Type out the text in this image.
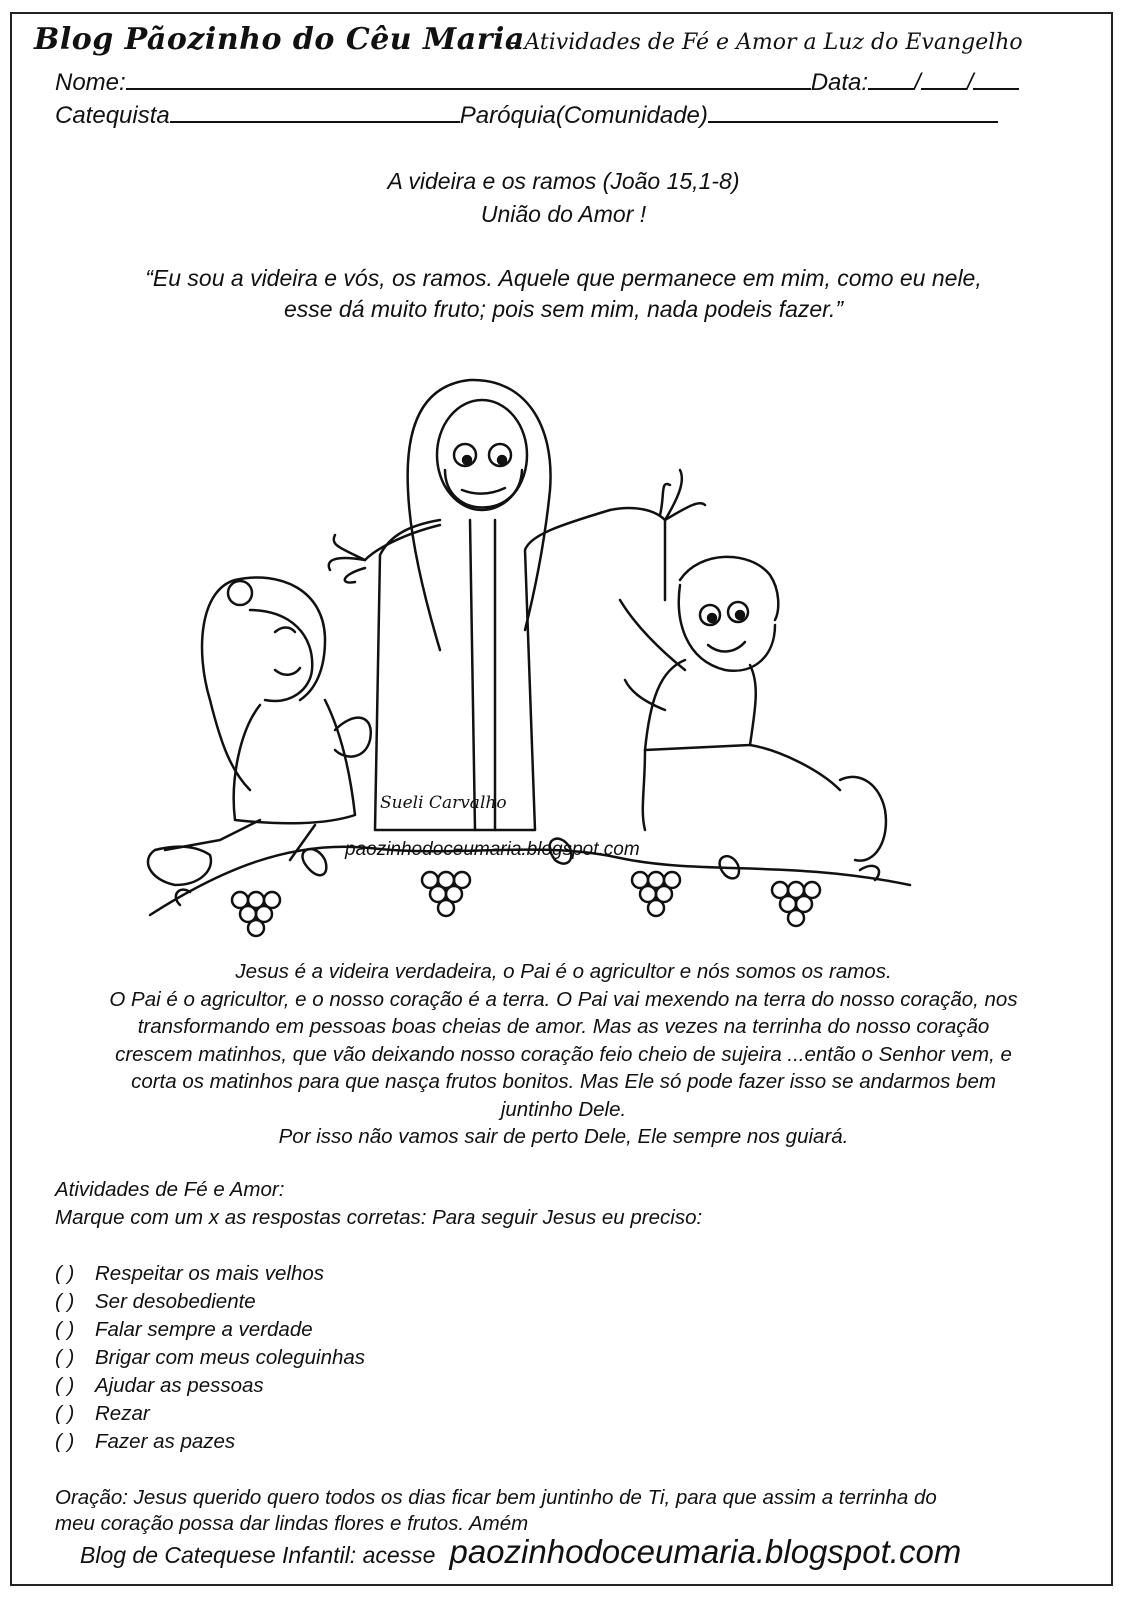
Blog Pãozinho do Cêu Maria
- Atividades de Fé e Amor a Luz do Evangelho
Nome:	Data: / /
Catequista	Paróquia(Comunidade)
A videira e os ramos (João 15,1-8)
União do Amor !
“Eu sou a videira e vós, os ramos. Aquele que permanece em mim, como eu nele,
esse dá muito fruto; pois sem mim, nada podeis fazer.”
Sueli Carvalho
paozinhodoceumaria.blogspot.com
Jesus é a videira verdadeira, o Pai é o agricultor e nós somos os ramos.
O Pai é o agricultor, e o nosso coração é a terra. O Pai vai mexendo na terra do nosso coração, nos
transformando em pessoas boas cheias de amor. Mas as vezes na terrinha do nosso coração
crescem matinhos, que vão deixando nosso coração feio cheio de sujeira ...então o Senhor vem, e
corta os matinhos para que nasça frutos bonitos. Mas Ele só pode fazer isso se andarmos bem
juntinho Dele.
Por isso não vamos sair de perto Dele, Ele sempre nos guiará.
Atividades de Fé e Amor:
Marque com um x as respostas corretas: Para seguir Jesus eu preciso:
( ) Respeitar os mais velhos
( ) Ser desobediente
( ) Falar sempre a verdade
( ) Brigar com meus coleguinhas
( ) Ajudar as pessoas
( ) Rezar
( ) Fazer as pazes
Oração: Jesus querido quero todos os dias ficar bem juntinho de Ti, para que assim a terrinha do
meu coração possa dar lindas flores e frutos. Amém
Blog de Catequese Infantil: acesse paozinhodoceumaria.blogspot.com
